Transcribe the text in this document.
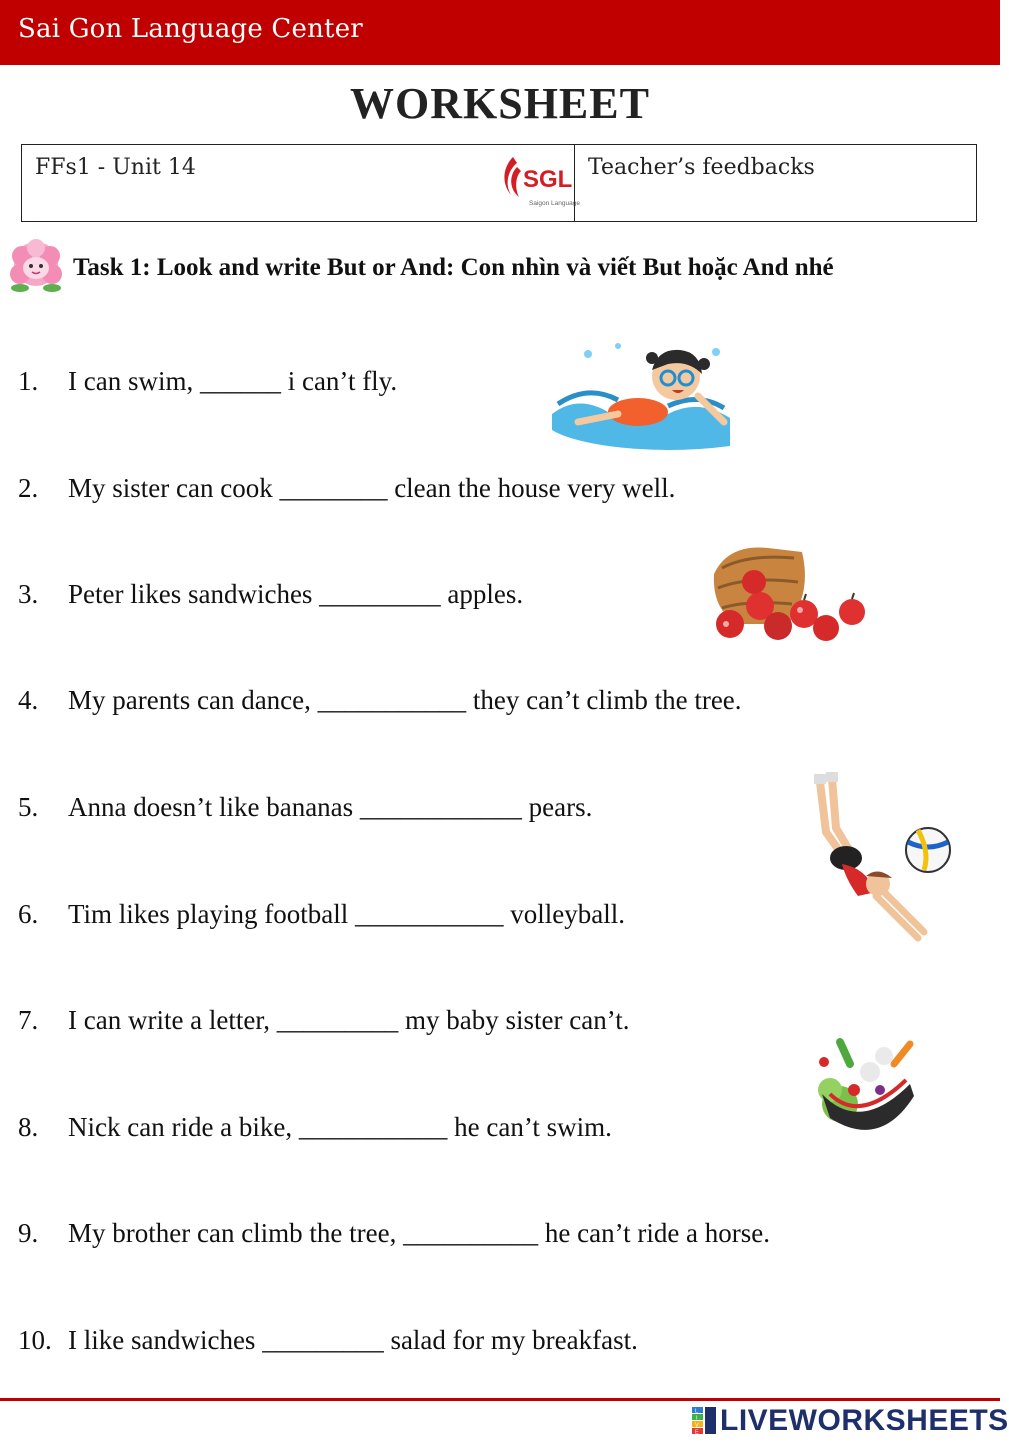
Sai Gon Language Center
WORKSHEET
FFs1 - Unit 14	SGL
Saigon Language
Teacher’s feedbacks
Task 1: Look and write But or And: Con nhìn và viết But hoặc And nhé
1. I can swim, ______ i can’t fly.
2. My sister can cook ________ clean the house very well.
3. Peter likes sandwiches _________ apples.
4. My parents can dance, ___________ they can’t climb the tree.
5. Anna doesn’t like bananas ____________ pears.
6. Tim likes playing football ___________ volleyball.
7. I can write a letter, _________ my baby sister can’t.
8. Nick can ride a bike, ___________ he can’t swim.
9. My brother can climb the tree, __________ he can’t ride a horse.
10. I like sandwiches _________ salad for my breakfast.
L
I
V
E LIVEWORKSHEETS
